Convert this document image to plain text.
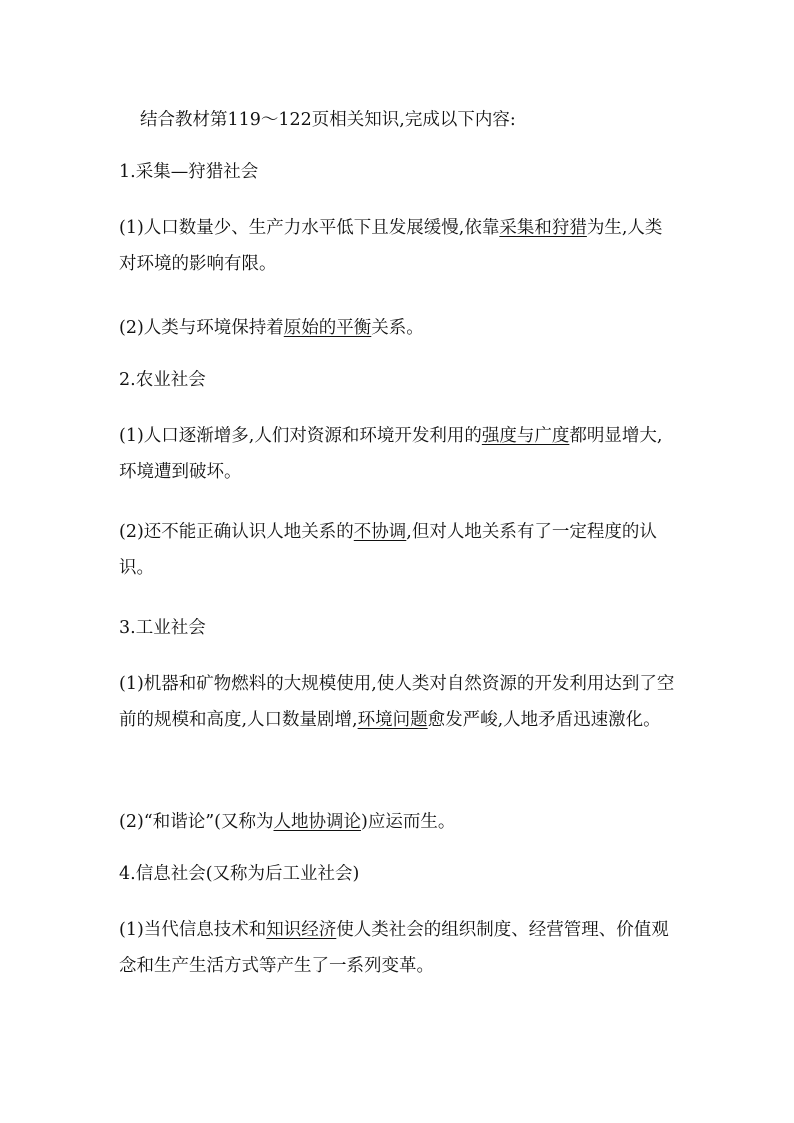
结合教材第119～122页相关知识,完成以下内容:

1.采集—狩猎社会

(1)人口数量少、生产力水平低下且发展缓慢,依靠采集和狩猎为生,人类对环境的影响有限。

(2)人类与环境保持着原始的平衡关系。

2.农业社会

(1)人口逐渐增多,人们对资源和环境开发利用的强度与广度都明显增大,环境遭到破坏。

(2)还不能正确认识人地关系的不协调,但对人地关系有了一定程度的认识。

3.工业社会

(1)机器和矿物燃料的大规模使用,使人类对自然资源的开发利用达到了空前的规模和高度,人口数量剧增,环境问题愈发严峻,人地矛盾迅速激化。

(2)“和谐论”(又称为人地协调论)应运而生。

4.信息社会(又称为后工业社会)

(1)当代信息技术和知识经济使人类社会的组织制度、经营管理、价值观念和生产生活方式等产生了一系列变革。
